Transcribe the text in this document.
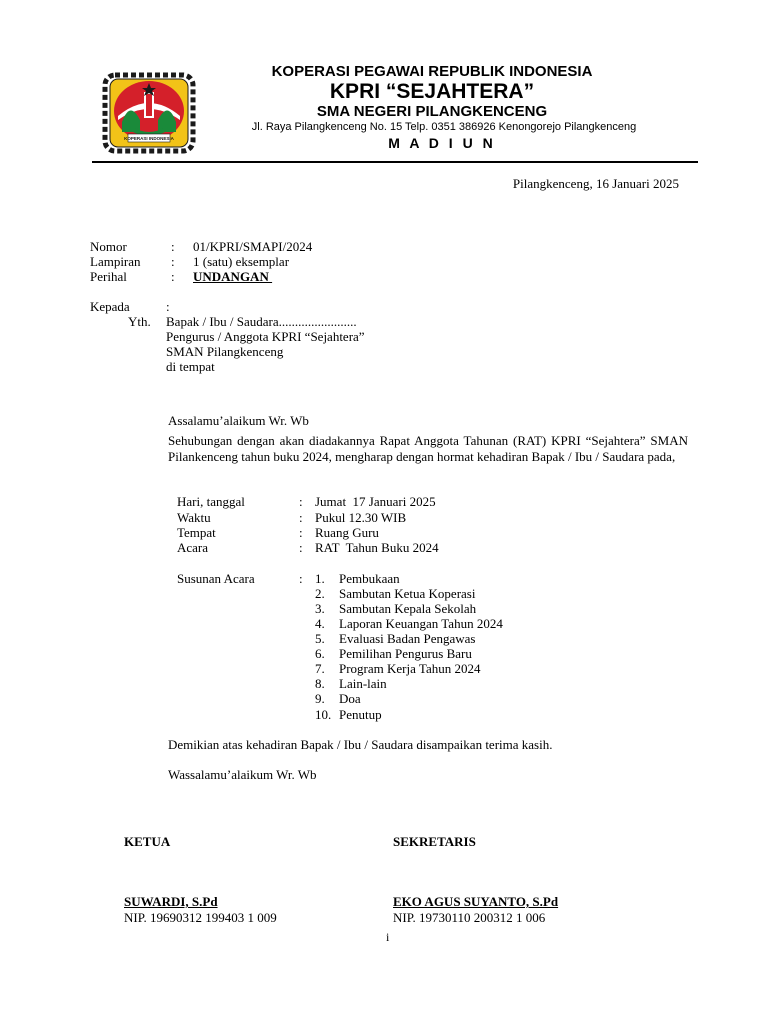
KOPERASI INDONESIA
KOPERASI PEGAWAI REPUBLIK INDONESIA
KPRI “SEJAHTERA”
SMA NEGERI PILANGKENCENG
Jl. Raya Pilangkenceng No. 15 Telp. 0351 386926 Kenongorejo Pilangkenceng
M A D I U N
Pilangkenceng, 16 Januari 2025
Nomor	: 01/KPRI/SMAPI/2024
Lampiran : 1 (satu) eksemplar
Perihal	: UNDANGAN
Kepada	:
Yth. Bapak / Ibu / Saudara........................
Pengurus / Anggota KPRI “Sejahtera”
SMAN Pilangkenceng
di tempat
Assalamu’alaikum Wr. Wb
Sehubungan dengan akan diadakannya Rapat Anggota Tahunan (RAT) KPRI “Sejahtera” SMAN Pilankenceng tahun buku 2024, mengharap dengan hormat kehadiran Bapak / Ibu / Saudara pada,
Hari, tanggal	: Jumat  17 Januari 2025
Waktu	: Pukul 12.30 WIB
Tempat	: Ruang Guru
Acara	: RAT  Tahun Buku 2024
Susunan Acara	: 1. Pembukaan
2. Sambutan Ketua Koperasi
3. Sambutan Kepala Sekolah
4. Laporan Keuangan Tahun 2024
5. Evaluasi Badan Pengawas
6. Pemilihan Pengurus Baru
7. Program Kerja Tahun 2024
8. Lain-lain
9. Doa
10. Penutup
Demikian atas kehadiran Bapak / Ibu / Saudara disampaikan terima kasih.
Wassalamu’alaikum Wr. Wb
KETUA	SEKRETARIS
SUWARDI, S.Pd	EKO AGUS SUYANTO, S.Pd
NIP. 19690312 199403 1 009	NIP. 19730110 200312 1 006
i
